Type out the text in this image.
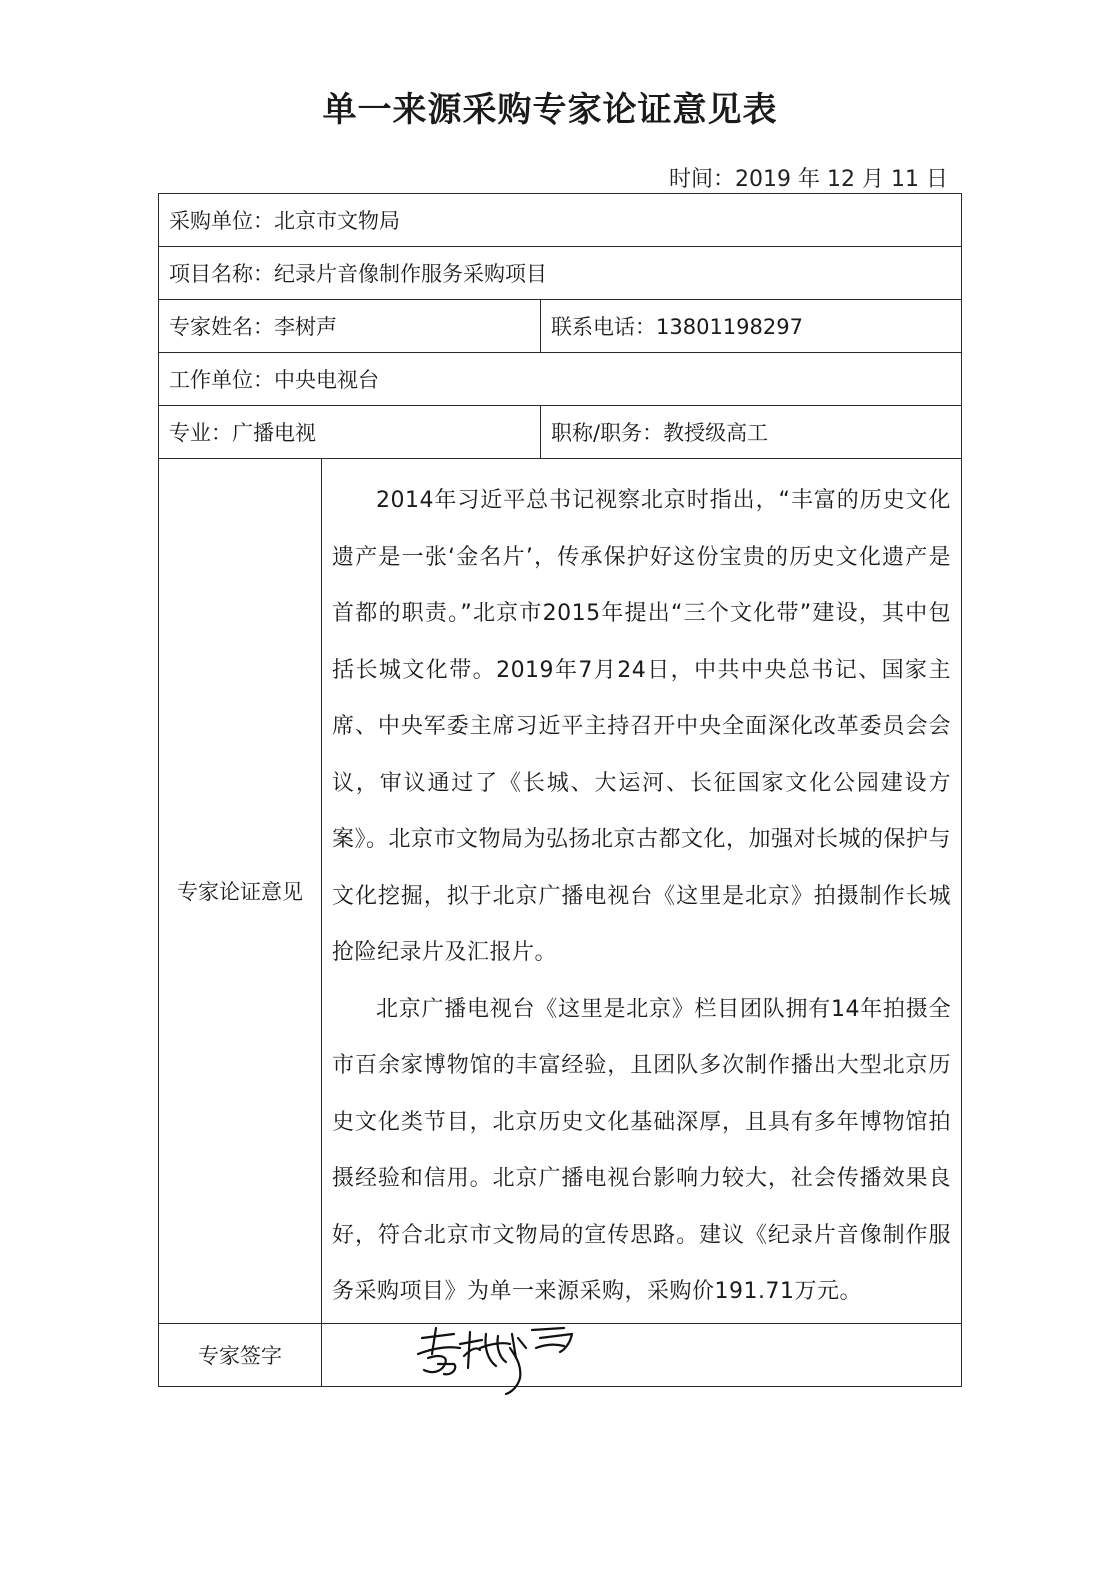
单一来源采购专家论证意见表
时间：2019 年 12 月 11 日
采购单位：北京市文物局		
项目名称：纪录片音像制作服务采购项目		
专家姓名：李树声		联系电话：13801198297
工作单位：中央电视台		
专业：广播电视		职称/职务：教授级高工
专家论证意见	2014年习近平总书记视察北京时指出，“丰富的历史文化遗产是一张‘金名片’，传承保护好这份宝贵的历史文化遗产是首都的职责。”北京市2015年提出“三个文化带”建设，其中包括长城文化带。2019年7月24日，中共中央总书记、国家主席、中央军委主席习近平主持召开中央全面深化改革委员会会议，审议通过了《长城、大运河、长征国家文化公园建设方案》。北京市文物局为弘扬北京古都文化，加强对长城的保护与文化挖掘，拟于北京广播电视台《这里是北京》拍摄制作长城抢险纪录片及汇报片。

北京广播电视台《这里是北京》栏目团队拥有14年拍摄全市百余家博物馆的丰富经验，且团队多次制作播出大型北京历史文化类节目，北京历史文化基础深厚，且具有多年博物馆拍摄经验和信用。北京广播电视台影响力较大，社会传播效果良好，符合北京市文物局的宣传思路。建议《纪录片音像制作服务采购项目》为单一来源采购，采购价191.71万元。	

专家签字	
